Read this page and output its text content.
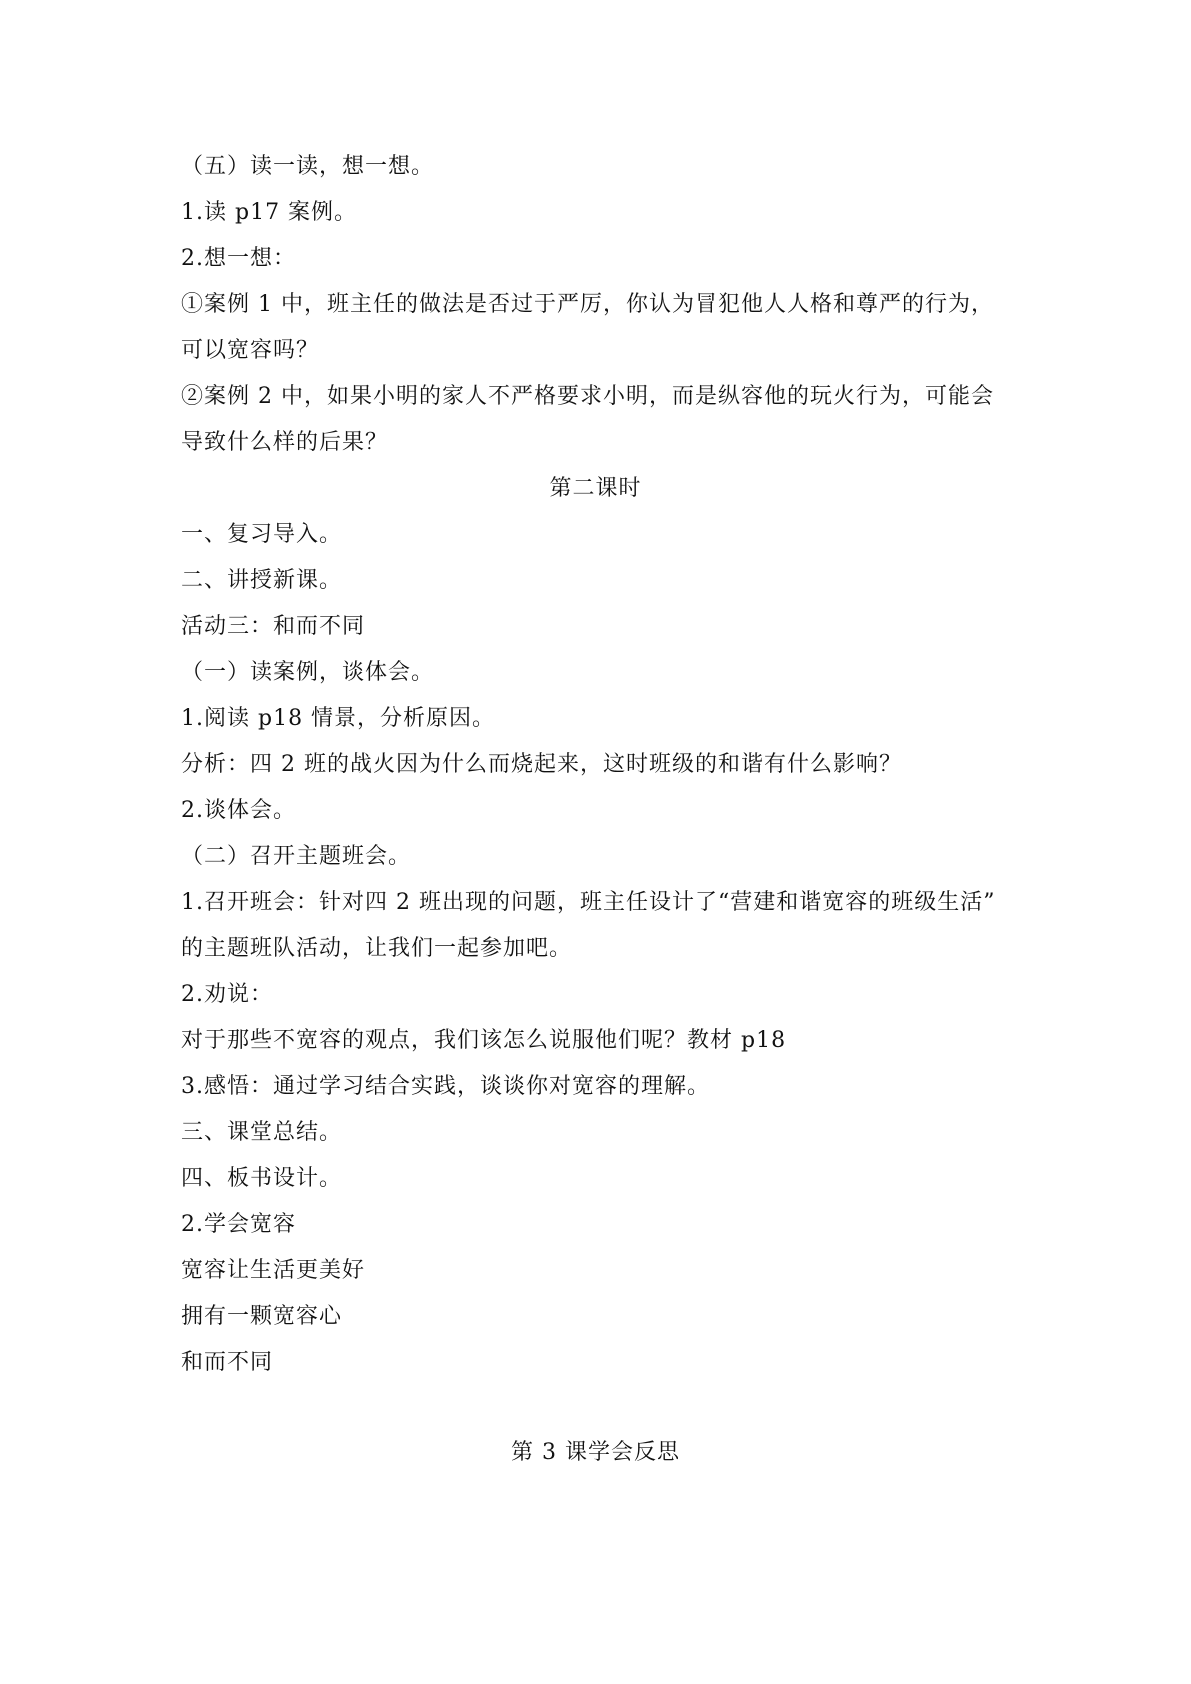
（五）读一读，想一想。
1.读 p17 案例。
2.想一想：
①案例 1 中，班主任的做法是否过于严厉，你认为冒犯他人人格和尊严的行为，
可以宽容吗？
②案例 2 中，如果小明的家人不严格要求小明，而是纵容他的玩火行为，可能会
导致什么样的后果？
第二课时
一、复习导入。
二、讲授新课。
活动三：和而不同
（一）读案例，谈体会。
1.阅读 p18 情景，分析原因。
分析：四 2 班的战火因为什么而烧起来，这时班级的和谐有什么影响？
2.谈体会。
（二）召开主题班会。
1.召开班会：针对四 2 班出现的问题，班主任设计了“营建和谐宽容的班级生活”
的主题班队活动，让我们一起参加吧。
2.劝说：
对于那些不宽容的观点，我们该怎么说服他们呢？教材 p18
3.感悟：通过学习结合实践，谈谈你对宽容的理解。
三、课堂总结。
四、板书设计。
2.学会宽容
宽容让生活更美好
拥有一颗宽容心
和而不同
第 3 课学会反思
